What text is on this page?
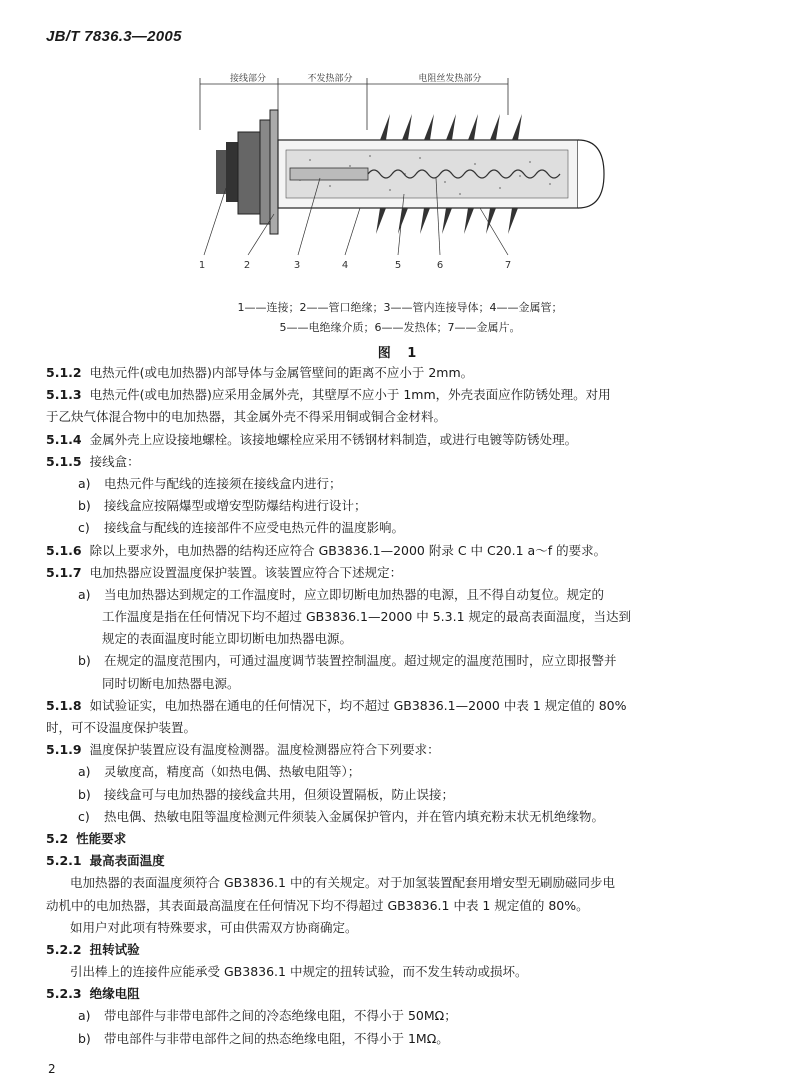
JB/T 7836.3—2005
接线部分	不发热部分	电阻丝发热部分
1	2	3	4	5	6	7
1——连接；2——管口绝缘；3——管内连接导体；4——金属管；
5——电绝缘介质；6——发热体；7——金属片。
图 1
5.1.2 电热元件(或电加热器)内部导体与金属管壁间的距离不应小于 2mm。
5.1.3 电热元件(或电加热器)应采用金属外壳，其壁厚不应小于 1mm，外壳表面应作防锈处理。对用
于乙炔气体混合物中的电加热器，其金属外壳不得采用铜或铜合金材料。
5.1.4 金属外壳上应设接地螺栓。该接地螺栓应采用不锈钢材料制造，或进行电镀等防锈处理。
5.1.5 接线盒：
a) 电热元件与配线的连接须在接线盒内进行；
b) 接线盒应按隔爆型或增安型防爆结构进行设计；
c) 接线盒与配线的连接部件不应受电热元件的温度影响。
5.1.6 除以上要求外，电加热器的结构还应符合 GB3836.1—2000 附录 C 中 C20.1 a～f 的要求。
5.1.7 电加热器应设置温度保护装置。该装置应符合下述规定：
a) 当电加热器达到规定的工作温度时，应立即切断电加热器的电源，且不得自动复位。规定的
工作温度是指在任何情况下均不超过 GB3836.1—2000 中 5.3.1 规定的最高表面温度，当达到
规定的表面温度时能立即切断电加热器电源。
b) 在规定的温度范围内，可通过温度调节装置控制温度。超过规定的温度范围时，应立即报警并
同时切断电加热器电源。
5.1.8 如试验证实，电加热器在通电的任何情况下，均不超过 GB3836.1—2000 中表 1 规定值的 80%
时，可不设温度保护装置。
5.1.9 温度保护装置应设有温度检测器。温度检测器应符合下列要求：
a) 灵敏度高，精度高（如热电偶、热敏电阻等）；
b) 接线盒可与电加热器的接线盒共用，但须设置隔板，防止误接；
c) 热电偶、热敏电阻等温度检测元件须装入金属保护管内，并在管内填充粉末状无机绝缘物。
5.2 性能要求
5.2.1 最高表面温度
电加热器的表面温度须符合 GB3836.1 中的有关规定。对于加氢装置配套用增安型无刷励磁同步电
动机中的电加热器，其表面最高温度在任何情况下均不得超过 GB3836.1 中表 1 规定值的 80%。
如用户对此项有特殊要求，可由供需双方协商确定。
5.2.2 扭转试验
引出棒上的连接件应能承受 GB3836.1 中规定的扭转试验，而不发生转动或损坏。
5.2.3 绝缘电阻
a) 带电部件与非带电部件之间的冷态绝缘电阻，不得小于 50MΩ；
b) 带电部件与非带电部件之间的热态绝缘电阻，不得小于 1MΩ。
2
